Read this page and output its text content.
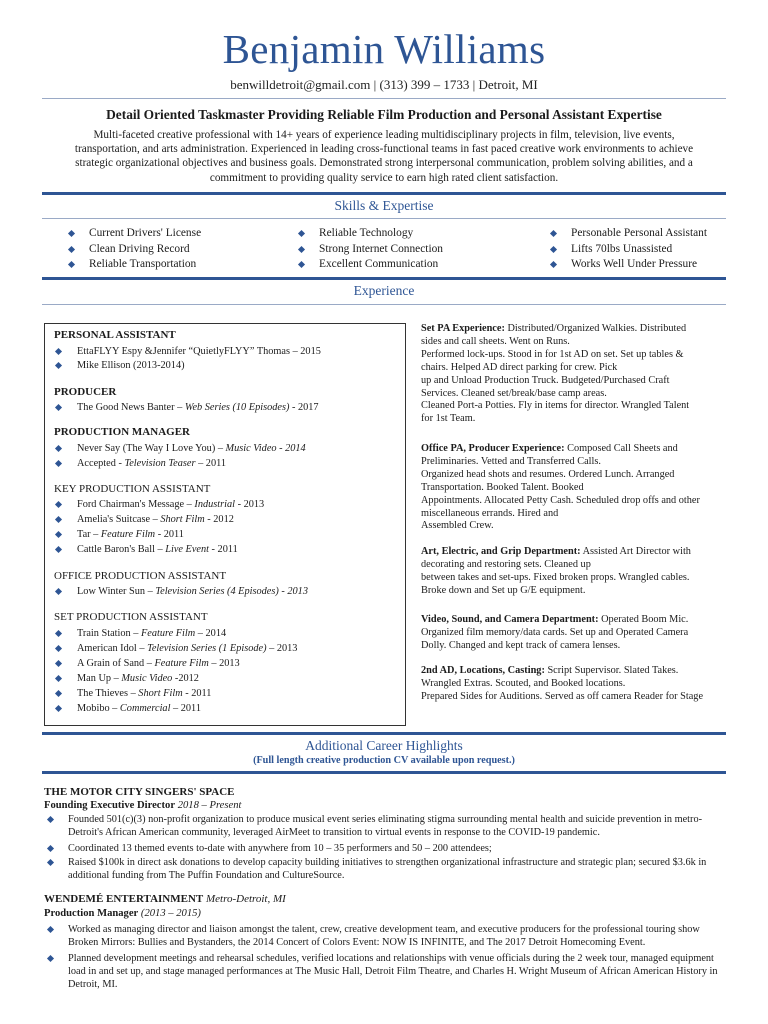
Benjamin Williams
benwilldetroit@gmail.com | (313) 399 – 1733 | Detroit, MI
Detail Oriented Taskmaster Providing Reliable Film Production and Personal Assistant Expertise
Multi-faceted creative professional with 14+ years of experience leading multidisciplinary projects in film, television, live events, transportation, and arts administration. Experienced in leading cross-functional teams in fast paced creative work environments to achieve strategic organizational objectives and business goals. Demonstrated strong interpersonal communication, problem solving abilities, and a commitment to providing quality service to earn high rated client satisfaction.
Skills & Expertise
Current Drivers' License
Clean Driving Record
Reliable Transportation
Reliable Technology
Strong Internet Connection
Excellent Communication
Personable Personal Assistant
Lifts 70lbs Unassisted
Works Well Under Pressure
Experience
PERSONAL ASSISTANT
EttaFLYY Espy &Jennifer “QuietlyFLYY” Thomas – 2015
Mike Ellison (2013-2014)
PRODUCER
The Good News Banter – Web Series (10 Episodes) - 2017
PRODUCTION MANAGER
Never Say (The Way I Love You) – Music Video - 2014
Accepted - Television Teaser – 2011
KEY PRODUCTION ASSISTANT
Ford Chairman's Message – Industrial - 2013
Amelia's Suitcase – Short Film - 2012
Tar – Feature Film - 2011
Cattle Baron's Ball – Live Event - 2011
OFFICE PRODUCTION ASSISTANT
Low Winter Sun – Television Series (4 Episodes) - 2013
SET PRODUCTION ASSISTANT
Train Station – Feature Film – 2014
American Idol – Television Series (1 Episode) – 2013
A Grain of Sand – Feature Film – 2013
Man Up – Music Video -2012
The Thieves – Short Film - 2011
Mobibo – Commercial – 2011
Set PA Experience: Distributed/Organized Walkies. Distributed
sides and call sheets. Went on Runs.
Performed lock-ups. Stood in for 1st AD on set. Set up tables &
chairs. Helped AD direct parking for crew. Pick
up and Unload Production Truck. Budgeted/Purchased Craft
Services. Cleaned set/break/base camp areas.
Cleaned Port-a Potties. Fly in items for director. Wrangled Talent
for 1st Team.
Office PA, Producer Experience: Composed Call Sheets and
Preliminaries. Vetted and Transferred Calls.
Organized head shots and resumes. Ordered Lunch. Arranged
Transportation. Booked Talent. Booked
Appointments. Allocated Petty Cash. Scheduled drop offs and other
miscellaneous errands. Hired and
Assembled Crew.
Art, Electric, and Grip Department: Assisted Art Director with
decorating and restoring sets. Cleaned up
between takes and set-ups. Fixed broken props. Wrangled cables.
Broke down and Set up G/E equipment.
Video, Sound, and Camera Department: Operated Boom Mic.
Organized film memory/data cards. Set up and Operated Camera
Dolly. Changed and kept track of camera lenses.
2nd AD, Locations, Casting: Script Supervisor. Slated Takes.
Wrangled Extras. Scouted, and Booked locations.
Prepared Sides for Auditions. Served as off camera Reader for Stage
Additional Career Highlights
(Full length creative production CV available upon request.)
THE MOTOR CITY SINGERS' SPACE
Founding Executive Director 2018 – Present
Founded 501(c)(3) non-profit organization to produce musical event series eliminating stigma surrounding mental health and suicide prevention in metro-Detroit's African American community, leveraged AirMeet to transition to virtual events in response to the COVID-19 pandemic.
Coordinated 13 themed events to-date with anywhere from 10 – 35 performers and 50 – 200 attendees;
Raised $100k in direct ask donations to develop capacity building initiatives to strengthen organizational infrastructure and strategic plan; secured $3.6k in additional funding from The Puffin Foundation and CultureSource.
WENDEMÉ ENTERTAINMENT Metro-Detroit, MI
Production Manager (2013 – 2015)
Worked as managing director and liaison amongst the talent, crew, creative development team, and executive producers for the professional touring show Broken Mirrors: Bullies and Bystanders, the 2014 Concert of Colors Event: NOW IS INFINITE, and The 2017 Detroit Homecoming Event.
Planned development meetings and rehearsal schedules, verified locations and relationships with venue officials during the 2 week tour, managed equipment load in and set up, and stage managed performances at The Music Hall, Detroit Film Theatre, and Charles H. Wright Museum of African American History in Detroit, MI.
